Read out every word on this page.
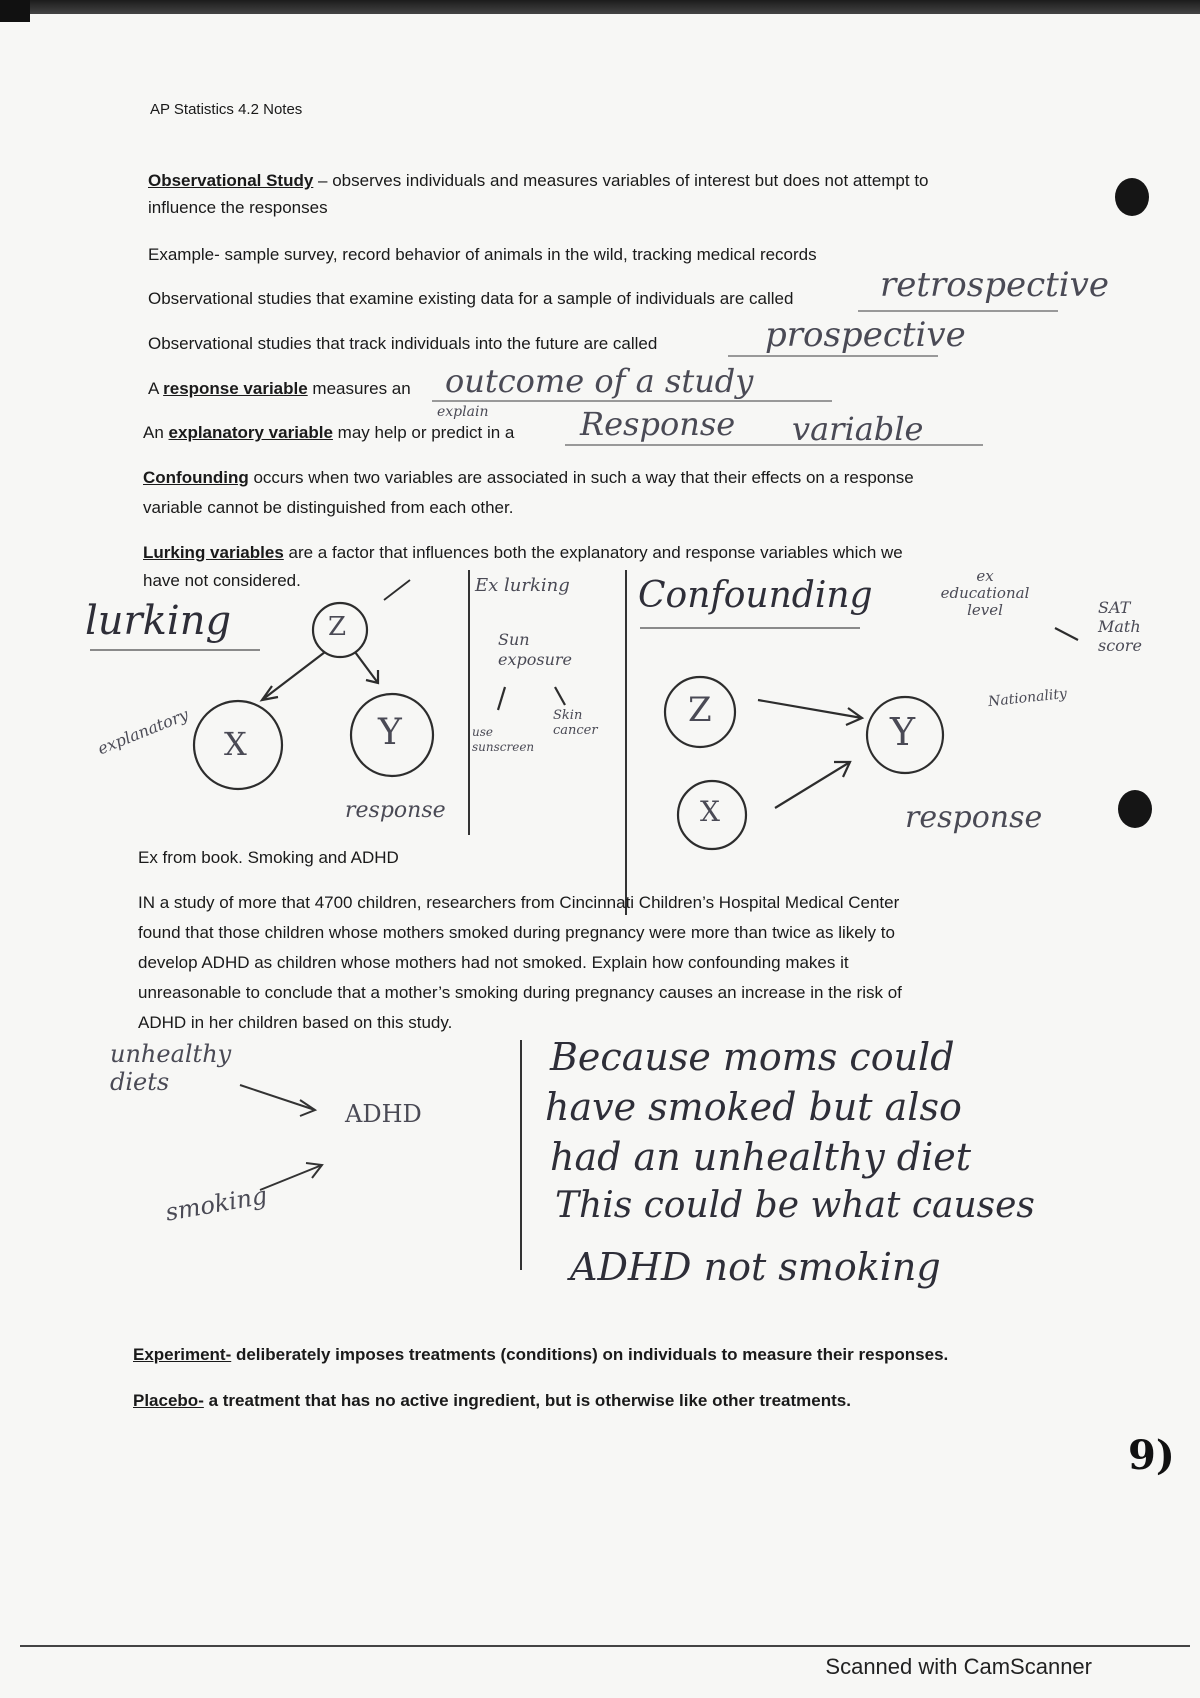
AP Statistics 4.2 Notes
Observational Study – observes individuals and measures variables of interest but does not attempt to
influence the responses
Example- sample survey, record behavior of animals in the wild, tracking medical records
Observational studies that examine existing data for a sample of individuals are called	retrospective
Observational studies that track individuals into the future are called	prospective
A response variable measures an outcome of a study
An explanatory variable may help or predict in a
explain	Response variable
Confounding occurs when two variables are associated in such a way that their effects on a response
variable cannot be distinguished from each other.
Lurking variables are a factor that influences both the explanatory and response variables which we
have not considered.
lurking	Z
X	Y
explanatory
response
Ex lurking
Sun exposure
use sunscreen
Skin cancer
Confounding	ex educational level
Nationality
SAT Math score
Z	Y
X	response
Ex from book. Smoking and ADHD
IN a study of more that 4700 children, researchers from Cincinnati Children’s Hospital Medical Center
found that those children whose mothers smoked during pregnancy were more than twice as likely to
develop ADHD as children whose mothers had not smoked. Explain how confounding makes it
unreasonable to conclude that a mother’s smoking during pregnancy causes an increase in the risk of
ADHD in her children based on this study.
unhealthy diets
ADHD
smoking
Because moms could
have smoked but also
had an unhealthy diet
This could be what causes
ADHD not smoking
Experiment- deliberately imposes treatments (conditions) on individuals to measure their responses.
Placebo- a treatment that has no active ingredient, but is otherwise like other treatments.
9)
Scanned with CamScanner
